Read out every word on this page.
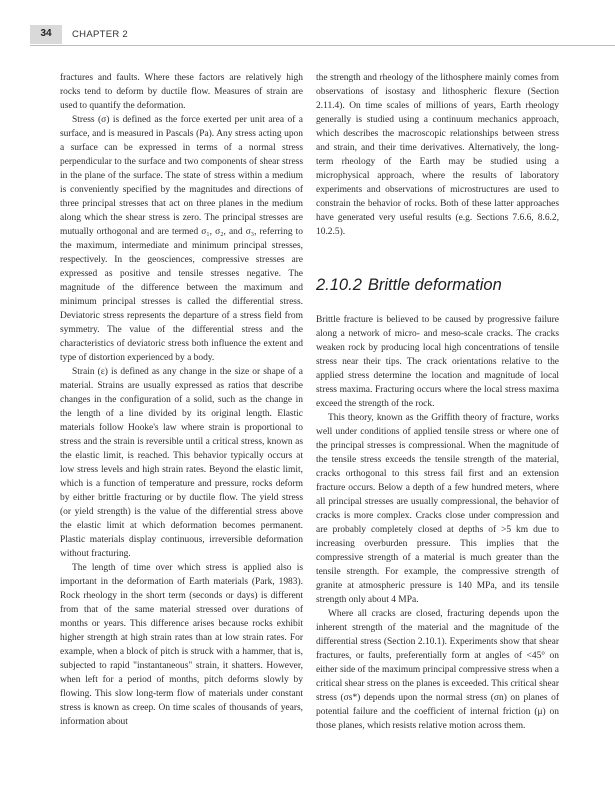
34	CHAPTER 2

fractures and faults. Where these factors are relatively high rocks tend to deform by ductile flow. Measures of strain are used to quantify the deformation.

Stress (σ) is defined as the force exerted per unit area of a surface, and is measured in Pascals (Pa). Any stress acting upon a surface can be expressed in terms of a normal stress perpendicular to the surface and two components of shear stress in the plane of the surface. The state of stress within a medium is conveniently specified by the magnitudes and directions of three principal stresses that act on three planes in the medium along which the shear stress is zero. The principal stresses are mutually orthogonal and are termed σ₁, σ₂, and σ₃, referring to the maximum, intermediate and minimum principal stresses, respectively. In the geosciences, compressive stresses are expressed as positive and tensile stresses negative. The magnitude of the difference between the maximum and minimum principal stresses is called the differential stress. Deviatoric stress represents the departure of a stress field from symmetry. The value of the differential stress and the characteristics of deviatoric stress both influence the extent and type of distortion experienced by a body.

Strain (ε) is defined as any change in the size or shape of a material. Strains are usually expressed as ratios that describe changes in the configuration of a solid, such as the change in the length of a line divided by its original length. Elastic materials follow Hooke's law where strain is proportional to stress and the strain is reversible until a critical stress, known as the elastic limit, is reached. This behavior typically occurs at low stress levels and high strain rates. Beyond the elastic limit, which is a function of temperature and pressure, rocks deform by either brittle fracturing or by ductile flow. The yield stress (or yield strength) is the value of the differential stress above the elastic limit at which deformation becomes permanent. Plastic materials display continuous, irreversible deformation without fracturing.

The length of time over which stress is applied also is important in the deformation of Earth materials (Park, 1983). Rock rheology in the short term (seconds or days) is different from that of the same material stressed over durations of months or years. This difference arises because rocks exhibit higher strength at high strain rates than at low strain rates. For example, when a block of pitch is struck with a hammer, that is, subjected to rapid "instantaneous" strain, it shatters. However, when left for a period of months, pitch deforms slowly by flowing. This slow long-term flow of materials under constant stress is known as creep. On time scales of thousands of years, information about

the strength and rheology of the lithosphere mainly comes from observations of isostasy and lithospheric flexure (Section 2.11.4). On time scales of millions of years, Earth rheology generally is studied using a continuum mechanics approach, which describes the macroscopic relationships between stress and strain, and their time derivatives. Alternatively, the long-term rheology of the Earth may be studied using a microphysical approach, where the results of laboratory experiments and observations of microstructures are used to constrain the behavior of rocks. Both of these latter approaches have generated very useful results (e.g. Sections 7.6.6, 8.6.2, 10.2.5).

2.10.2 Brittle deformation

Brittle fracture is believed to be caused by progressive failure along a network of micro- and meso-scale cracks. The cracks weaken rock by producing local high concentrations of tensile stress near their tips. The crack orientations relative to the applied stress determine the location and magnitude of local stress maxima. Fracturing occurs where the local stress maxima exceed the strength of the rock.

This theory, known as the Griffith theory of fracture, works well under conditions of applied tensile stress or where one of the principal stresses is compressional. When the magnitude of the tensile stress exceeds the tensile strength of the material, cracks orthogonal to this stress fail first and an extension fracture occurs. Below a depth of a few hundred meters, where all principal stresses are usually compressional, the behavior of cracks is more complex. Cracks close under compression and are probably completely closed at depths of >5 km due to increasing overburden pressure. This implies that the compressive strength of a material is much greater than the tensile strength. For example, the compressive strength of granite at atmospheric pressure is 140 MPa, and its tensile strength only about 4 MPa.

Where all cracks are closed, fracturing depends upon the inherent strength of the material and the magnitude of the differential stress (Section 2.10.1). Experiments show that shear fractures, or faults, preferentially form at angles of <45° on either side of the maximum principal compressive stress when a critical shear stress on the planes is exceeded. This critical shear stress (σs*) depends upon the normal stress (σn) on planes of potential failure and the coefficient of internal friction (μ) on those planes, which resists relative motion across them.
